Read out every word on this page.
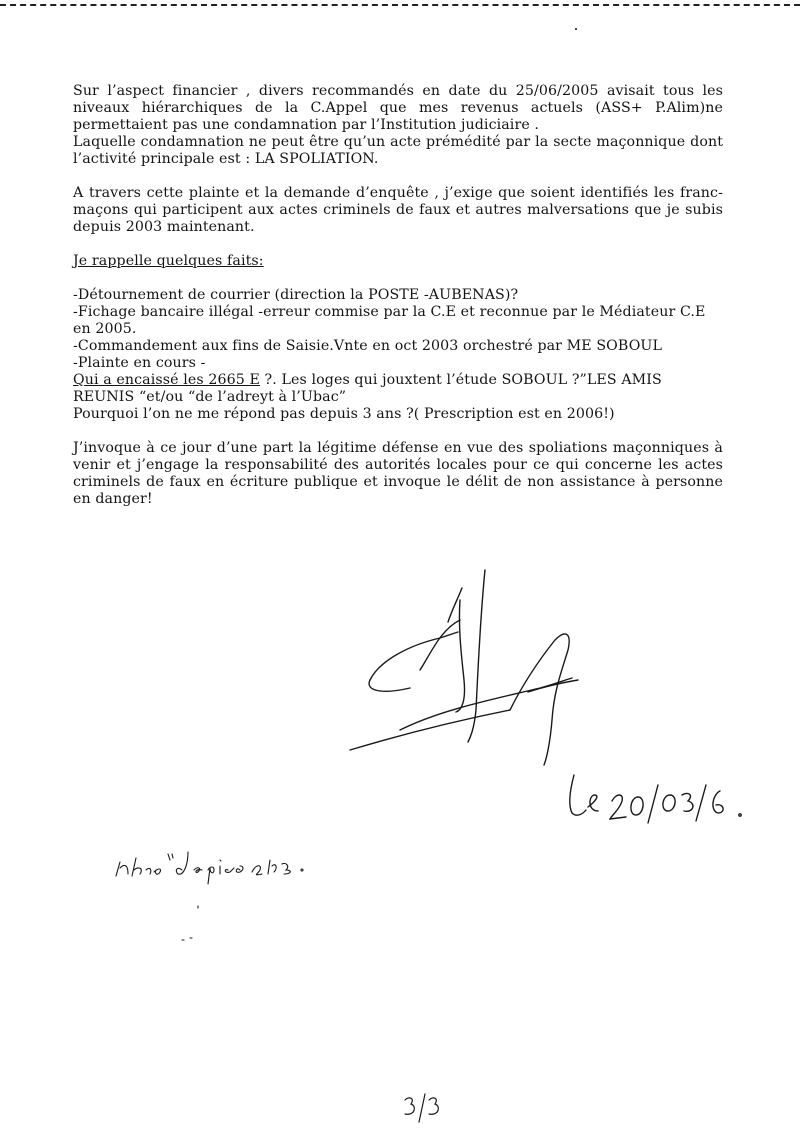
Sur l’aspect financier , divers recommandés en date du 25/06/2005 avisait tous les niveaux hiérarchiques de la C.Appel que mes revenus actuels (ASS+ P.Alim)ne permettaient pas une condamnation par l’Institution judiciaire .

Laquelle condamnation ne peut être qu’un acte prémédité par la secte maçonnique dont l’activité principale est : LA SPOLIATION.

A travers cette plainte et la demande d’enquête , j’exige que soient identifiés les franc-maçons qui participent aux actes criminels de faux et autres malversations que je subis depuis 2003 maintenant.

Je rappelle quelques faits:

-Détournement de courrier (direction la POSTE -AUBENAS)?
-Fichage bancaire illégal -erreur commise par la C.E et reconnue par le Médiateur C.E en 2005.
-Commandement aux fins de Saisie.Vnte en oct 2003 orchestré par ME SOBOUL
-Plainte en cours -
Qui a encaissé les 2665 E ?. Les loges qui jouxtent l’étude SOBOUL ?”LES AMIS REUNIS “et/ou “de l’adreyt à l’Ubac”
Pourquoi l’on ne me répond pas depuis 3 ans ?( Prescription est en 2006!)

J’invoque à ce jour d’une part la légitime défense en vue des spoliations maçonniques à venir et j’engage la responsabilité des autorités locales pour ce qui concerne les actes criminels de faux en écriture publique et invoque le délit de non assistance à personne en danger!
